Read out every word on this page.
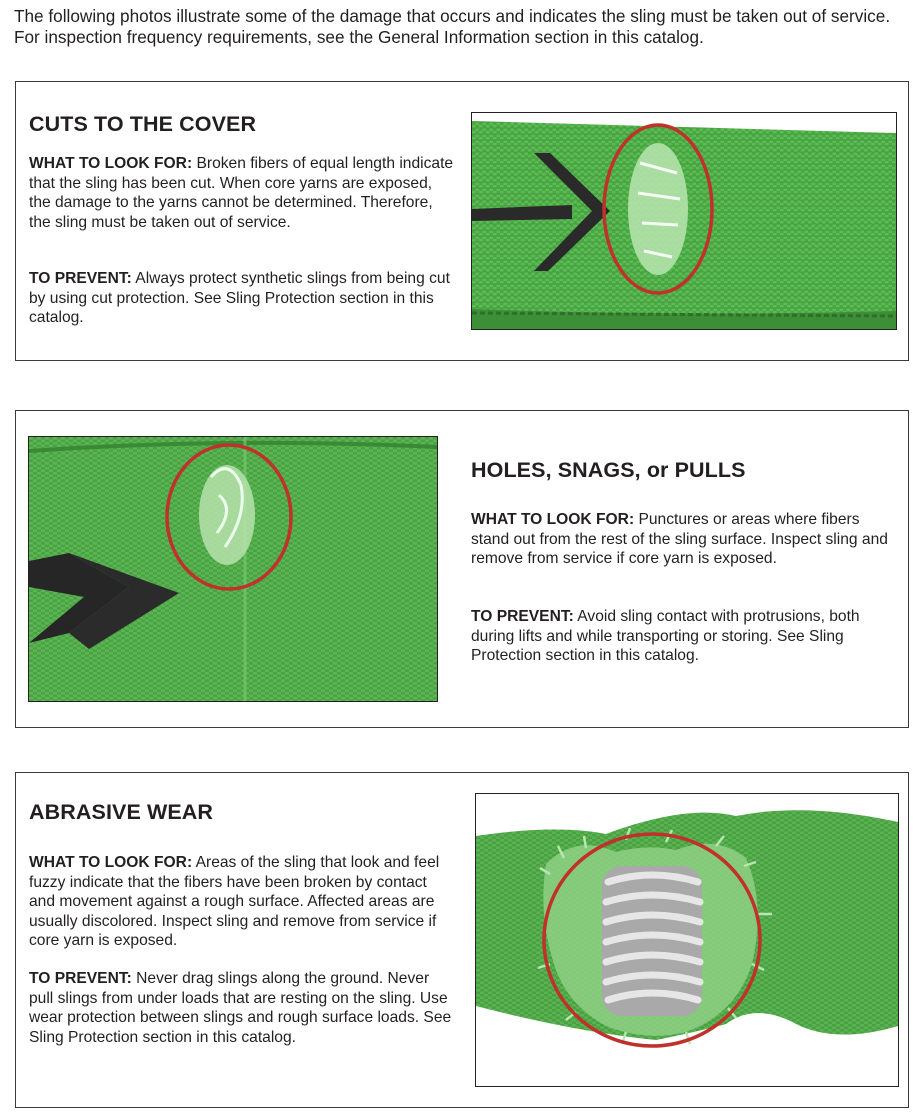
The following photos illustrate some of the damage that occurs and indicates the sling must be taken out of service. For inspection frequency requirements, see the General Information section in this catalog.
CUTS TO THE COVER
WHAT TO LOOK FOR: Broken fibers of equal length indicate that the sling has been cut. When core yarns are exposed, the damage to the yarns cannot be determined. Therefore, the sling must be taken out of service.
TO PREVENT: Always protect synthetic slings from being cut by using cut protection. See Sling Protection section in this catalog.
HOLES, SNAGS, or PULLS
WHAT TO LOOK FOR: Punctures or areas where fibers stand out from the rest of the sling surface. Inspect sling and remove from service if core yarn is exposed.
TO PREVENT: Avoid sling contact with protrusions, both during lifts and while transporting or storing. See Sling Protection section in this catalog.
ABRASIVE WEAR
WHAT TO LOOK FOR: Areas of the sling that look and feel fuzzy indicate that the fibers have been broken by contact and movement against a rough surface. Affected areas are usually discolored. Inspect sling and remove from service if core yarn is exposed.
TO PREVENT: Never drag slings along the ground. Never pull slings from under loads that are resting on the sling. Use wear protection between slings and rough surface loads. See Sling Protection section in this catalog.
